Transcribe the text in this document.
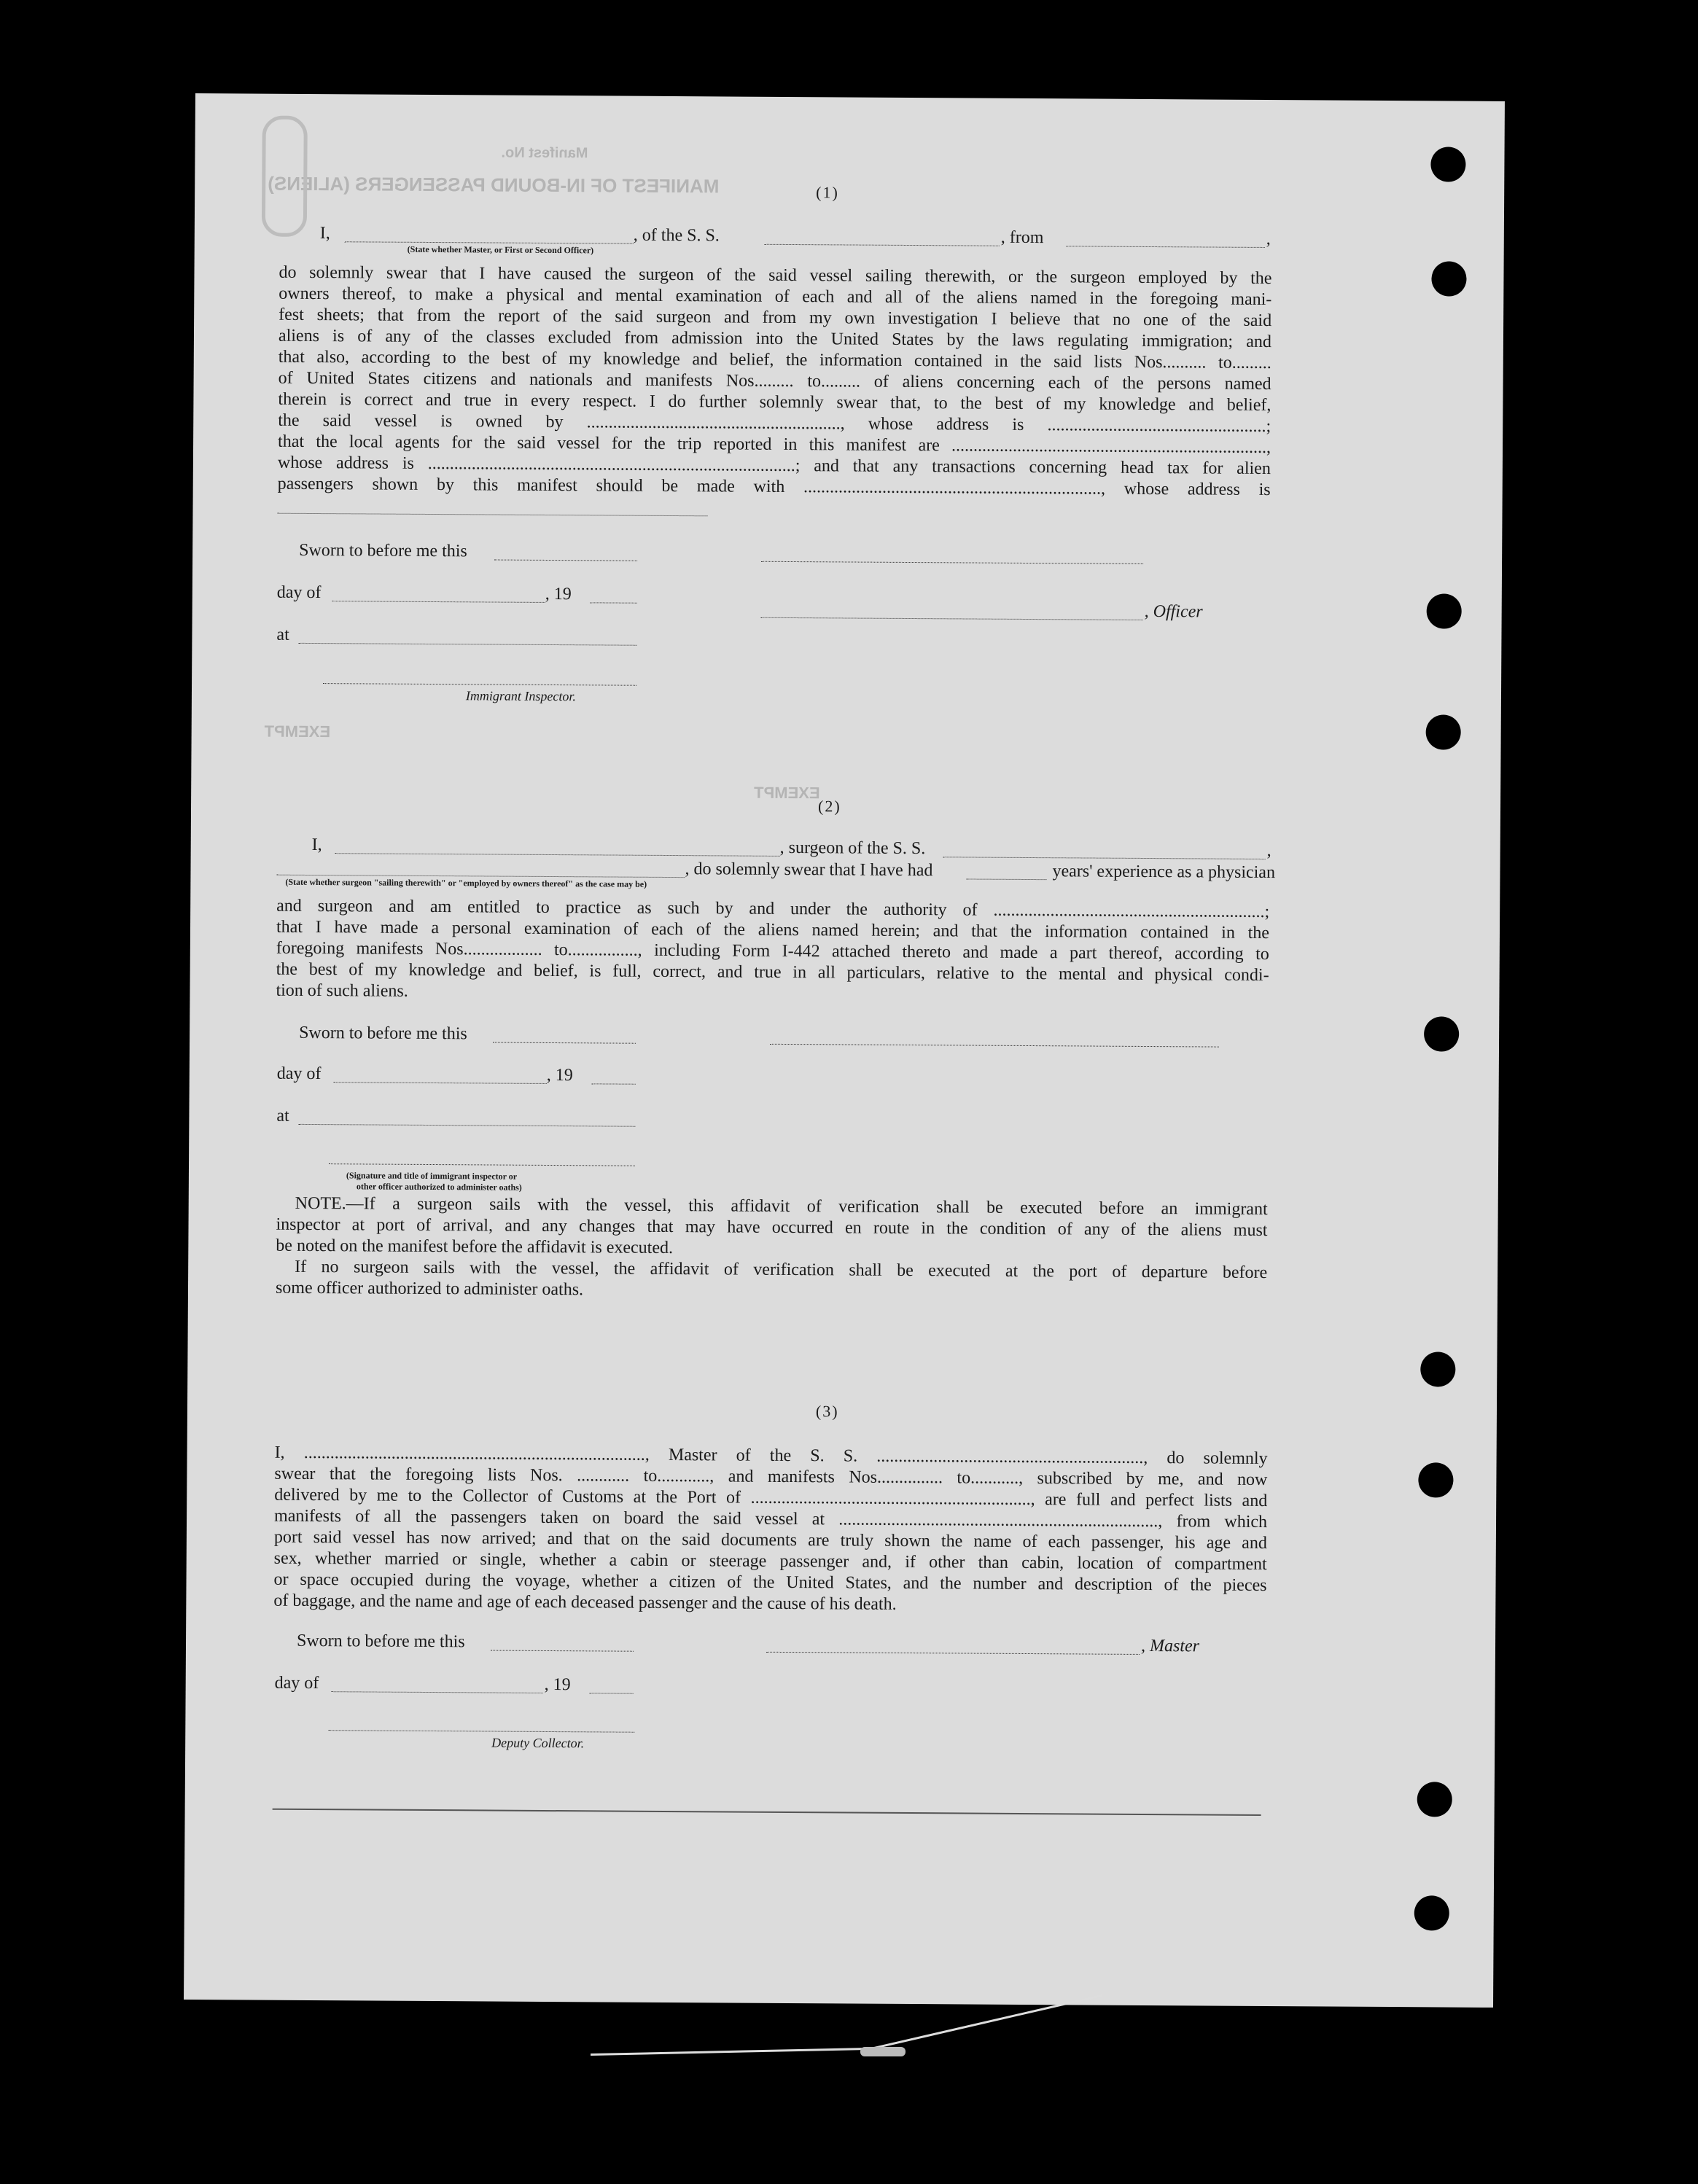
Manifest No.
MANIFEST OF IN-BOUND PASSENGERS (ALIENS)
EXEMPT
EXEMPT
(1)
I,	, of the S. S.	, from	,
(State whether Master, or First or Second Officer)
do solemnly swear that I have caused the surgeon of the said vessel sailing therewith, or the surgeon employed by the
owners thereof, to make a physical and mental examination of each and all of the aliens named in the foregoing mani-
fest sheets; that from the report of the said surgeon and from my own investigation I believe that no one of the said
aliens is of any of the classes excluded from admission into the United States by the laws regulating immigration; and
that also, according to the best of my knowledge and belief, the information contained in the said lists Nos.......... to.........
of United States citizens and nationals and manifests Nos......... to......... of aliens concerning each of the persons named
therein is correct and true in every respect. I do further solemnly swear that, to the best of my knowledge and belief,
the said vessel is owned by .........................................................., whose address is ..................................................;
that the local agents for the said vessel for the trip reported in this manifest are ........................................................................,
whose address is ....................................................................................; and that any transactions concerning head tax for alien
passengers shown by this manifest should be made with ...................................................................., whose address is
Sworn to before me this
day of	, 19
, Officer
at
Immigrant Inspector.
(2)
I,	, surgeon of the S. S.	,
, do solemnly swear that I have had	years' experience as a physician
(State whether surgeon "sailing therewith" or "employed by owners thereof" as the case may be)
and surgeon and am entitled to practice as such by and under the authority of ..............................................................;
that I have made a personal examination of each of the aliens named herein; and that the information contained in the
foregoing manifests Nos.................. to................, including Form I-442 attached thereto and made a part thereof, according to
the best of my knowledge and belief, is full, correct, and true in all particulars, relative to the mental and physical condi-
tion of such aliens.
Sworn to before me this
day of	, 19
at
(Signature and title of immigrant inspector or
other officer authorized to administer oaths)
NOTE.—If a surgeon sails with the vessel, this affidavit of verification shall be executed before an immigrant
inspector at port of arrival, and any changes that may have occurred en route in the condition of any of the aliens must
be noted on the manifest before the affidavit is executed.
If no surgeon sails with the vessel, the affidavit of verification shall be executed at the port of departure before
some officer authorized to administer oaths.
(3)
I, .............................................................................., Master of the S. S. ............................................................., do solemnly
swear that the foregoing lists Nos. ............ to............, and manifests Nos............... to..........., subscribed by me, and now
delivered by me to the Collector of Customs at the Port of ................................................................, are full and perfect lists and
manifests of all the passengers taken on board the said vessel at ........................................................................., from which
port said vessel has now arrived; and that on the said documents are truly shown the name of each passenger, his age and
sex, whether married or single, whether a cabin or steerage passenger and, if other than cabin, location of compartment
or space occupied during the voyage, whether a citizen of the United States, and the number and description of the pieces
of baggage, and the name and age of each deceased passenger and the cause of his death.
Sworn to before me this	, Master
day of	, 19
Deputy Collector.
